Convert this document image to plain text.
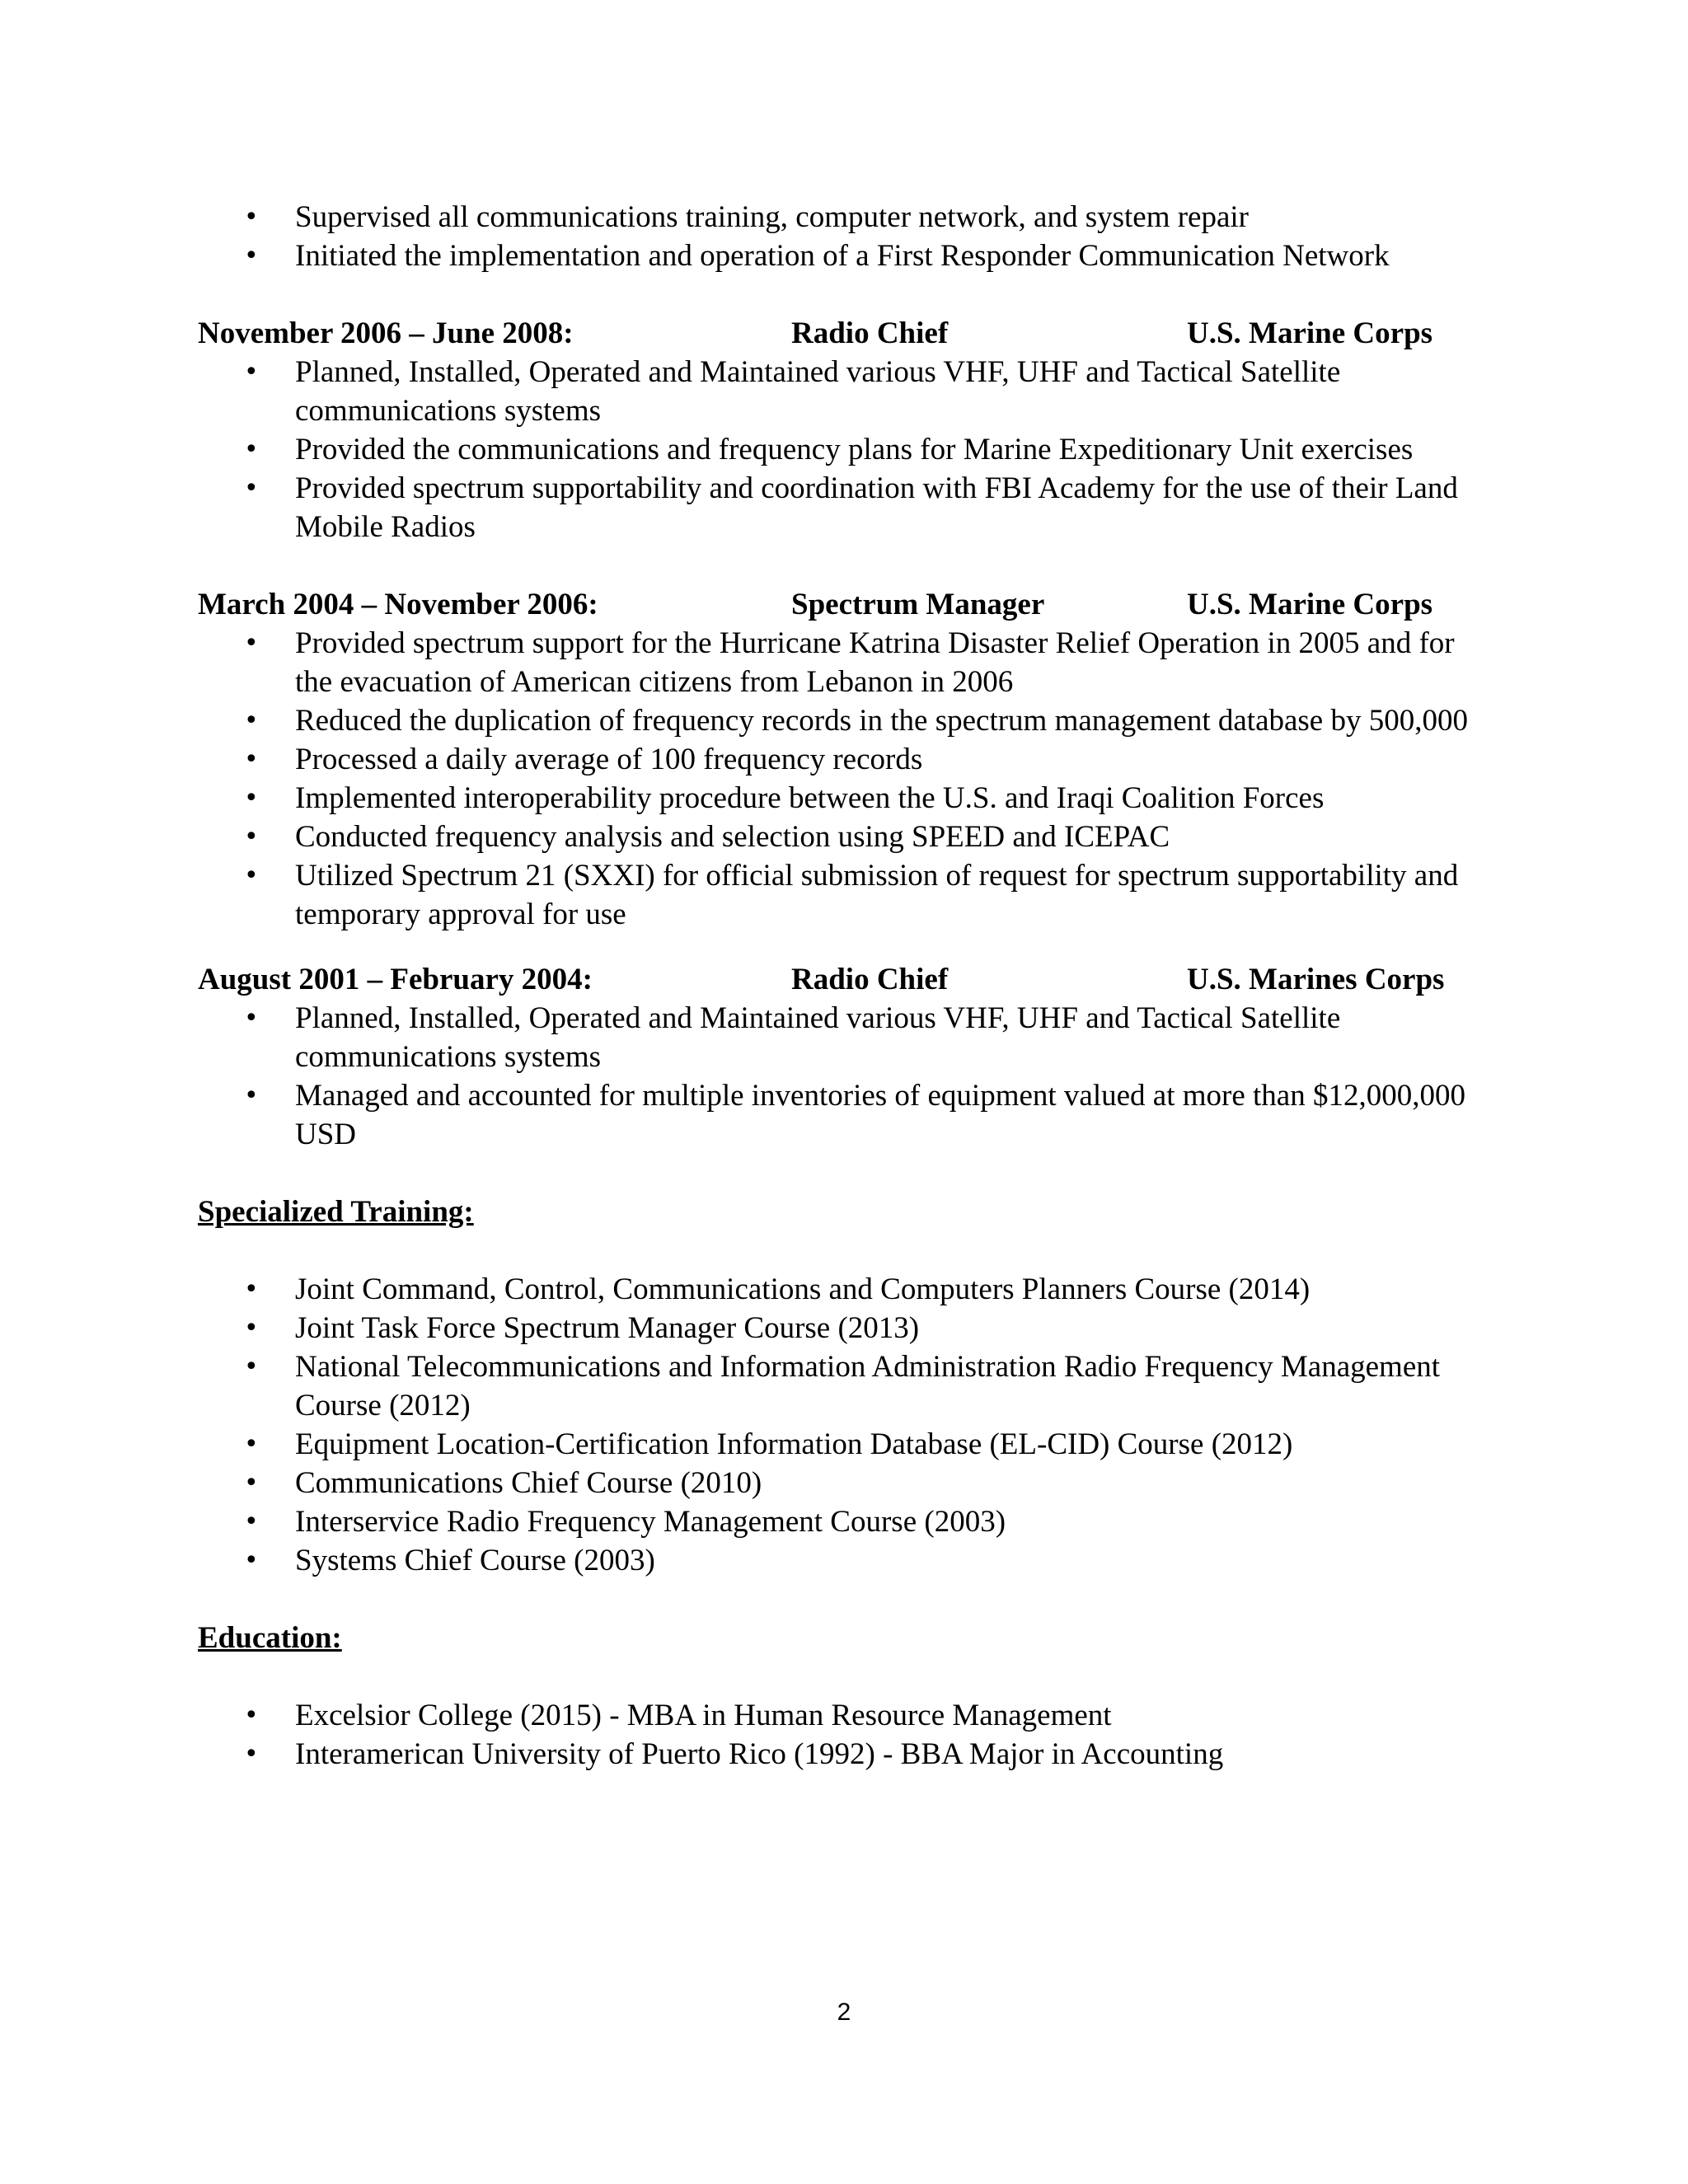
• Supervised all communications training, computer network, and system repair
• Initiated the implementation and operation of a First Responder Communication Network
November 2006 – June 2008:	Radio Chief	U.S. Marine Corps
• Planned, Installed, Operated and Maintained various VHF, UHF and Tactical Satellite communications systems
• Provided the communications and frequency plans for Marine Expeditionary Unit exercises
• Provided spectrum supportability and coordination with FBI Academy for the use of their Land Mobile Radios
March 2004 – November 2006:	Spectrum Manager	U.S. Marine Corps
• Provided spectrum support for the Hurricane Katrina Disaster Relief Operation in 2005 and for the evacuation of American citizens from Lebanon in 2006
• Reduced the duplication of frequency records in the spectrum management database by 500,000
• Processed a daily average of 100 frequency records
• Implemented interoperability procedure between the U.S. and Iraqi Coalition Forces
• Conducted frequency analysis and selection using SPEED and ICEPAC
• Utilized Spectrum 21 (SXXI) for official submission of request for spectrum supportability and temporary approval for use
August 2001 – February 2004:	Radio Chief	U.S. Marines Corps
• Planned, Installed, Operated and Maintained various VHF, UHF and Tactical Satellite communications systems
• Managed and accounted for multiple inventories of equipment valued at more than $12,000,000 USD
Specialized Training:
• Joint Command, Control, Communications and Computers Planners Course (2014)
• Joint Task Force Spectrum Manager Course (2013)
• National Telecommunications and Information Administration Radio Frequency Management Course (2012)
• Equipment Location-Certification Information Database (EL-CID) Course (2012)
• Communications Chief Course (2010)
• Interservice Radio Frequency Management Course (2003)
• Systems Chief Course (2003)
Education:
• Excelsior College (2015) - MBA in Human Resource Management
• Interamerican University of Puerto Rico (1992) - BBA Major in Accounting
2
